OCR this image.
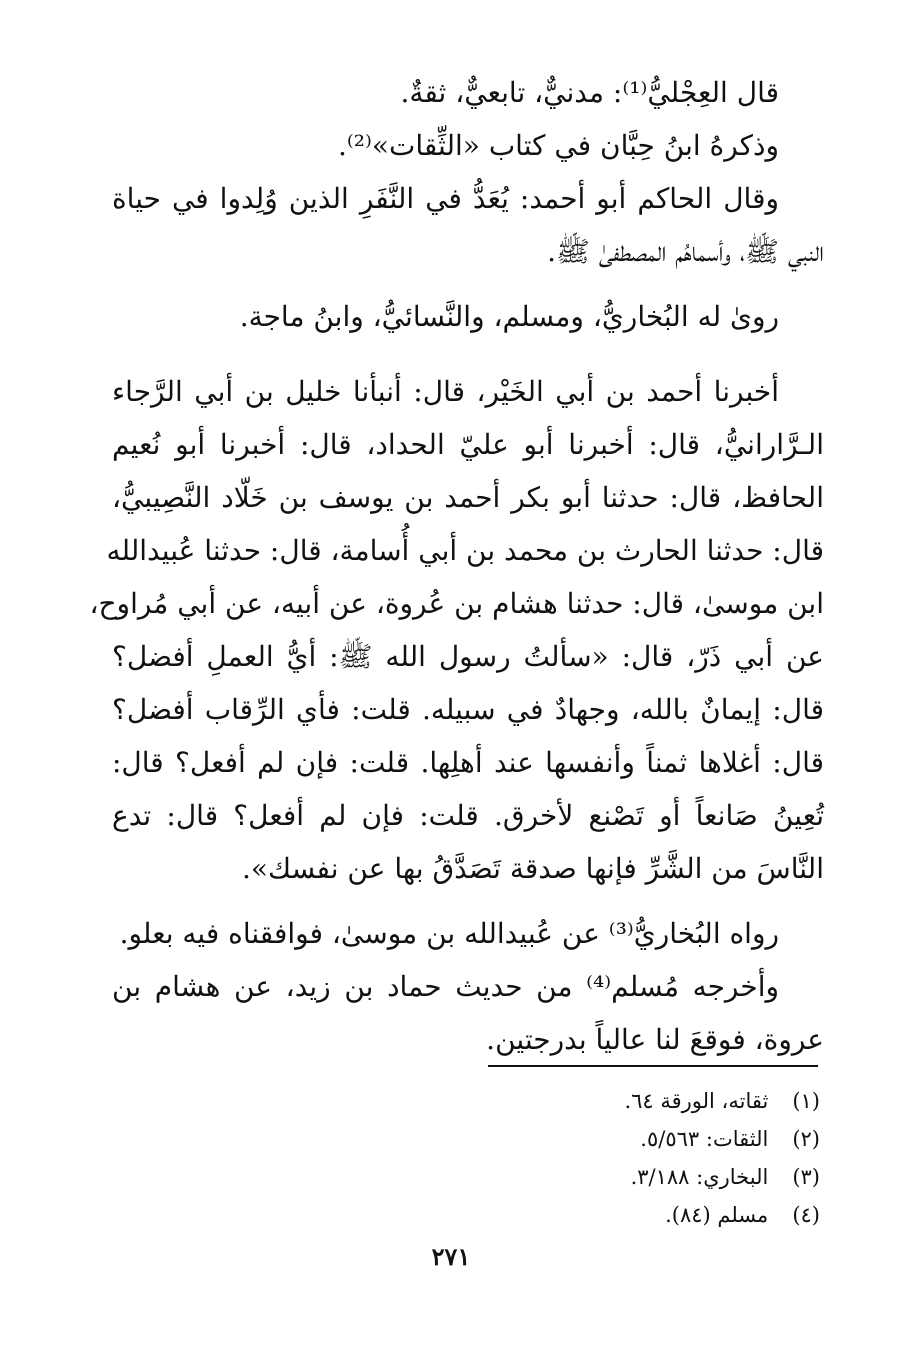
قال العِجْليُّ⁽¹⁾: مدنيٌّ، تابعيٌّ، ثقةٌ.
وذكرهُ ابنُ حِبَّان في كتاب «الثِّقات»⁽²⁾.
وقال الحاكم أبو أحمد: يُعَدُّ في النَّفَرِ الذين وُلِدوا في حياة
النبي ﷺ، وأسماهُم المصطفىٰ ﷺ.
رویٰ له البُخاريُّ، ومسلم، والنَّسائيُّ، وابنُ ماجة.
أخبرنا أحمد بن أبي الخَيْر، قال: أنبأنا خليل بن أبي الرَّجاء
الـرَّارانيُّ، قال: أخبرنا أبو عليّ الحداد، قال: أخبرنا أبو نُعيم
الحافظ، قال: حدثنا أبو بكر أحمد بن يوسف بن خَلّاد النَّصِيبيُّ،
قال: حدثنا الحارث بن محمد بن أبي أُسامة، قال: حدثنا عُبيدالله
ابن موسىٰ، قال: حدثنا هشام بن عُروة، عن أبيه، عن أبي مُراوح،
عن أبي ذَرّ، قال: «سألتُ رسول الله ﷺ: أيُّ العملِ أفضل؟
قال: إيمانٌ بالله، وجهادٌ في سبيله. قلت: فأي الرِّقاب أفضل؟
قال: أغلاها ثمناً وأنفسها عند أهلِها. قلت: فإن لم أفعل؟ قال:
تُعِينُ صَانعاً أو تَصْنع لأخرق. قلت: فإن لم أفعل؟ قال: تدع
النَّاسَ من الشَّرِّ فإنها صدقة تَصَدَّقُ بها عن نفسك».
رواه البُخاريُّ⁽³⁾ عن عُبيدالله بن موسىٰ، فوافقناه فيه بعلو.
وأخرجه مُسلم⁽⁴⁾ من حديث حماد بن زيد، عن هشام بن
عروة، فوقعَ لنا عالياً بدرجتين.
(١) ثقاته، الورقة ٦٤.
(٢) الثقات: ٥/٥٦٣.
(٣) البخاري: ٣/١٨٨.
(٤) مسلم (٨٤).
٢٧١
